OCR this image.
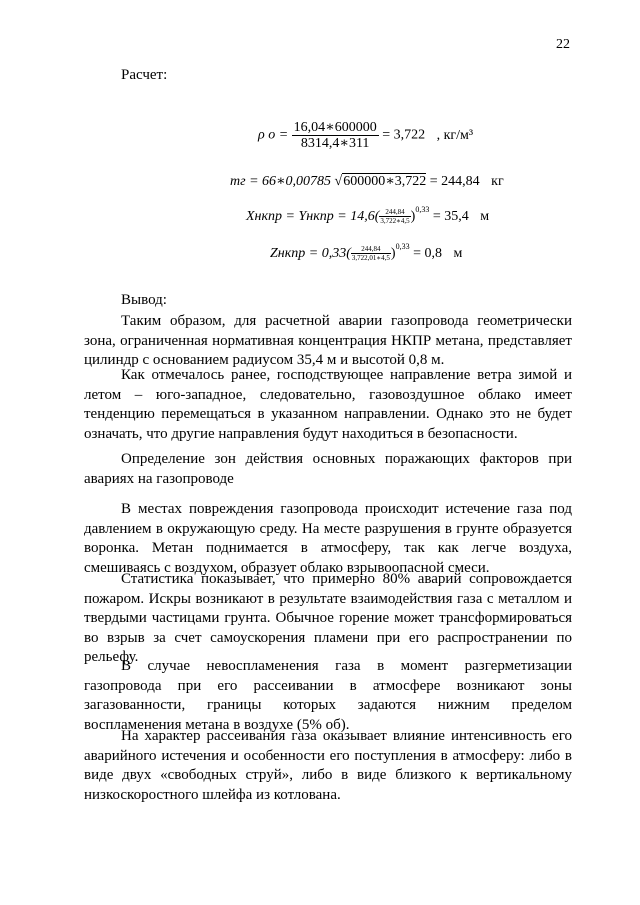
22
Расчет:
ρ $о = \frac{16,04∗600000}{8314,4∗311} = 3,722$ , кг/м³
mг = 66∗0,00785 √600000∗3,722 = 244,84 кг
Xнкпр = Yнкпр = $14,6( \frac{244,84}{3,722∗4,5} )^{0,33} = 35,4$ м
Zнкпр = $0,33( \frac{244,84}{3,722,01∗4,5} )^{0,33} = 0,8$ м
Вывод:

Таким образом, для расчетной аварии газопровода геометрически зона, ограниченная нормативная концентрация НКПР метана, представляет цилиндр с основанием радиусом 35,4 м и высотой 0,8 м.

Как отмечалось ранее, господствующее направление ветра зимой и летом – юго-западное, следовательно, газовоздушное облако имеет тенденцию перемещаться в указанном направлении. Однако это не будет означать, что другие направления будут находиться в безопасности.

Определение зон действия основных поражающих факторов при авариях на газопроводе

В местах повреждения газопровода происходит истечение газа под давлением в окружающую среду. На месте разрушения в грунте образуется воронка. Метан поднимается в атмосферу, так как легче воздуха, смешиваясь с воздухом, образует облако взрывоопасной смеси.

Статистика показывает, что примерно 80% аварий сопровождается пожаром. Искры возникают в результате взаимодействия газа с металлом и твердыми частицами грунта. Обычное горение может трансформироваться во взрыв за счет самоускорения пламени при его распространении по рельефу.

В случае невоспламенения газа в момент разгерметизации газопровода при его рассеивании в атмосфере возникают зоны загазованности, границы которых задаются нижним пределом воспламенения метана в воздухе (5% об).

На характер рассеивания газа оказывает влияние интенсивность его аварийного истечения и особенности его поступления в атмосферу: либо в виде двух «свободных струй», либо в виде близкого к вертикальному низкоскоростного шлейфа из котлована.
